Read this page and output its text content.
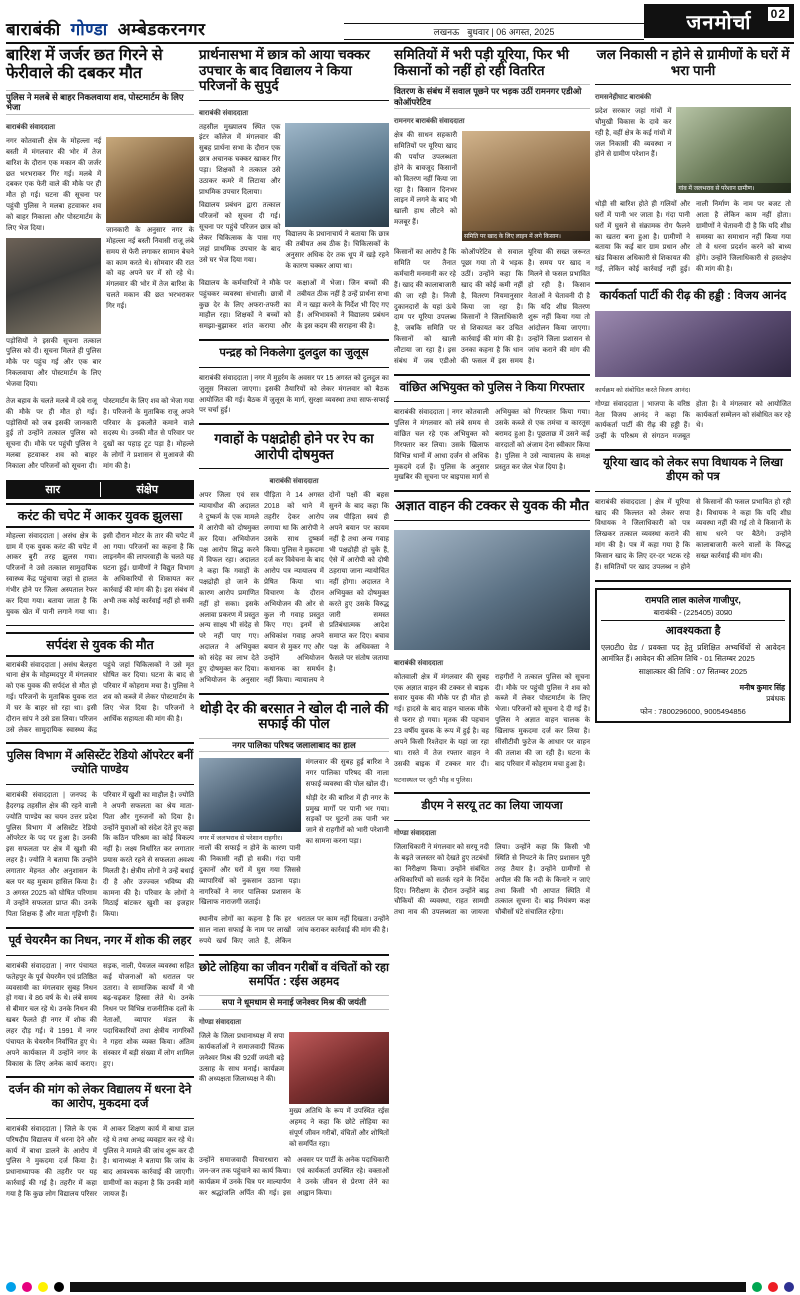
बाराबंकी गोण्डा अम्बेडकरनगर	लखनऊ बुधवार | 06 अगस्त, 2025	जनमोर्चा	02
बारिश में जर्जर छत गिरने से फेरीवाले की दबकर मौत
पुलिस ने मलबे से बाहर निकलवाया शव, पोस्टमार्टम के लिए भेजा
बाराबंकी संवाददाता
नगर कोतवाली क्षेत्र के मोहल्ला नई बस्ती में मंगलवार की भोर में तेज बारिश के दौरान एक मकान की जर्जर छत भरभराकर गिर गई। मलबे में दबकर एक फेरी वाले की मौके पर ही मौत हो गई। घटना की सूचना पर पहुंची पुलिस ने मलबा हटवाकर शव को बाहर निकाला और पोस्टमार्टम के लिए भेज दिया।
पड़ोसियों ने इसकी सूचना तत्काल पुलिस को दी। सूचना मिलते ही पुलिस मौके पर पहुंच गई और एक बार निकलवाया और पोस्टमार्टम के लिए भेजवा दिया।
जानकारी के अनुसार नगर के मोहल्ला नई बस्ती निवासी राजू लंबे समय से फेरी लगाकर सामान बेचने का काम करते थे। सोमवार की रात को वह अपने घर में सो रहे थे। मंगलवार की भोर में तेज बारिश के चलते मकान की छत भरभराकर गिर गई।
तेज बहाव के चलते मलबे में दबे राजू की मौके पर ही मौत हो गई। पड़ोसियों को जब इसकी जानकारी हुई तो उन्होंने तत्काल पुलिस को सूचना दी। मौके पर पहुंची पुलिस ने मलबा हटवाकर शव को बाहर निकाला और परिजनों को सूचना दी। पोस्टमार्टम के लिए शव को भेजा गया है। परिजनों के मुताबिक राजू अपने परिवार के इकलौते कमाने वाले सदस्य थे। उनकी मौत से परिवार पर दुखों का पहाड़ टूट पड़ा है। मोहल्ले के लोगों ने प्रशासन से मुआवजे की मांग की है।
सार	संक्षेप
करंट की चपेट में आकर युवक झुलसा
मोहल्ला संवाददाता | असंध क्षेत्र के ग्राम में एक युवक करंट की चपेट में आकर बुरी तरह झुलस गया। परिजनों ने उसे तत्काल सामुदायिक स्वास्थ्य केंद्र पहुंचाया जहां से हालत गंभीर होने पर जिला अस्पताल रेफर कर दिया गया। बताया जाता है कि युवक खेत में पानी लगाने गया था। इसी दौरान मोटर के तार की चपेट में आ गया। परिजनों का कहना है कि लाइनमैन की लापरवाही के चलते यह घटना हुई। ग्रामीणों ने विद्युत विभाग के अधिकारियों से शिकायत कर कार्रवाई की मांग की है। इस संबंध में अभी तक कोई कार्रवाई नहीं हो सकी है।
सर्पदंश से युवक की मौत
बाराबंकी संवाददाता | असंध बेलहरा थाना क्षेत्र के मोहम्मदपुर में मंगलवार को एक युवक की सर्पदंश से मौत हो गई। परिजनों के मुताबिक युवक रात में घर के बाहर सो रहा था। इसी दौरान सांप ने उसे डस लिया। परिजन उसे लेकर सामुदायिक स्वास्थ्य केंद्र पहुंचे जहां चिकित्सकों ने उसे मृत घोषित कर दिया। घटना के बाद से परिवार में कोहराम मचा है। पुलिस ने शव को कब्जे में लेकर पोस्टमार्टम के लिए भेज दिया है। परिजनों ने आर्थिक सहायता की मांग की है।
पुलिस विभाग में असिस्टेंट रेडियो ऑपरेटर बनीं ज्योति पाण्डेय
बाराबंकी संवाददाता | जनपद के हैदरगढ़ तहसील क्षेत्र की रहने वाली ज्योति पाण्डेय का चयन उत्तर प्रदेश पुलिस विभाग में असिस्टेंट रेडियो ऑपरेटर के पद पर हुआ है। उनकी इस सफलता पर क्षेत्र में खुशी की लहर है। ज्योति ने बताया कि उन्होंने लगातार मेहनत और अनुशासन के बल पर यह मुकाम हासिल किया है। 3 अगस्त 2025 को घोषित परिणाम में उन्होंने सफलता प्राप्त की। उनके पिता शिक्षक हैं और माता गृहिणी हैं। परिवार में खुशी का माहौल है। ज्योति ने अपनी सफलता का श्रेय माता-पिता और गुरुजनों को दिया है। उन्होंने युवाओं को संदेश देते हुए कहा कि कठिन परिश्रम का कोई विकल्प नहीं है। लक्ष्य निर्धारित कर लगातार प्रयास करते रहने से सफलता अवश्य मिलती है। क्षेत्रीय लोगों ने उन्हें बधाई दी है और उज्ज्वल भविष्य की कामना की है। परिवार के लोगों ने मिठाई बांटकर खुशी का इजहार किया।
पूर्व चेयरमैन का निधन, नगर में शोक की लहर
बाराबंकी संवाददाता | नगर पंचायत फतेहपुर के पूर्व चेयरमैन एवं प्रतिष्ठित व्यवसायी का मंगलवार सुबह निधन हो गया। वे 86 वर्ष के थे। लंबे समय से बीमार चल रहे थे। उनके निधन की खबर फैलते ही नगर में शोक की लहर दौड़ गई। वे 1991 में नगर पंचायत के चेयरमैन निर्वाचित हुए थे। अपने कार्यकाल में उन्होंने नगर के विकास के लिए अनेक कार्य कराए। सड़क, नाली, पेयजल व्यवस्था सहित कई योजनाओं को धरातल पर उतारा। वे सामाजिक कार्यों में भी बढ़-चढ़कर हिस्सा लेते थे। उनके निधन पर विभिन्न राजनीतिक दलों के नेताओं, व्यापार मंडल के पदाधिकारियों तथा क्षेत्रीय नागरिकों ने गहरा शोक व्यक्त किया। अंतिम संस्कार में बड़ी संख्या में लोग शामिल हुए।
दर्जन की मांग को लेकर विद्यालय में धरना देने का आरोप, मुकदमा दर्ज
बाराबंकी संवाददाता | जिले के एक परिषदीय विद्यालय में धरना देने और कार्य में बाधा डालने के आरोप में पुलिस ने मुकदमा दर्ज किया है। प्रधानाध्यापक की तहरीर पर यह कार्रवाई की गई है। तहरीर में कहा गया है कि कुछ लोग विद्यालय परिसर में आकर शिक्षण कार्य में बाधा डाल रहे थे तथा अभद्र व्यवहार कर रहे थे। पुलिस ने मामले की जांच शुरू कर दी है। थानाध्यक्ष ने बताया कि जांच के बाद आवश्यक कार्रवाई की जाएगी। ग्रामीणों का कहना है कि उनकी मांगें जायज हैं।
प्रार्थनासभा में छात्र को आया चक्कर उपचार के बाद विद्यालय ने किया परिजनों के सुपुर्द
बाराबंकी संवाददाता
तहसील मुख्यालय स्थित एक इंटर कॉलेज में मंगलवार की सुबह प्रार्थना सभा के दौरान एक छात्र अचानक चक्कर खाकर गिर पड़ा। शिक्षकों ने तत्काल उसे उठाकर कमरे में लिटाया और प्राथमिक उपचार दिलाया।
विद्यालय प्रबंधन द्वारा तत्काल परिजनों को सूचना दी गई। सूचना पर पहुंचे परिजन छात्र को लेकर चिकित्सक के पास गए जहां प्राथमिक उपचार के बाद उसे घर भेज दिया गया।
विद्यालय के प्रधानाचार्य ने बताया कि छात्र की तबीयत अब ठीक है। चिकित्सकों के अनुसार अधिक देर तक धूप में खड़े रहने के कारण चक्कर आया था।
विद्यालय के कर्मचारियों ने मौके पर पहुंचकर व्यवस्था संभाली। छात्रों में कुछ देर के लिए अफरा-तफरी का माहौल रहा। शिक्षकों ने बच्चों को समझा-बुझाकर शांत कराया और कक्षाओं में भेजा। जिन बच्चों की तबीयत ठीक नहीं है उन्हें प्रार्थना सभा में न खड़ा करने के निर्देश भी दिए गए हैं। अभिभावकों ने विद्यालय प्रबंधन के इस कदम की सराहना की है।
पन्द्रह को निकलेगा दुलदुल का जुलूस
बाराबंकी संवाददाता | नगर में मुहर्रम के अवसर पर 15 अगस्त को दुलदुल का जुलूस निकाला जाएगा। इसकी तैयारियों को लेकर मंगलवार को बैठक आयोजित की गई। बैठक में जुलूस के मार्ग, सुरक्षा व्यवस्था तथा साफ-सफाई पर चर्चा हुई।
गवाहों के पक्षद्रोही होने पर रेप का आरोपी दोषमुक्त
बाराबंकी संवाददाता
अपर जिला एवं सत्र न्यायाधीश की अदालत ने दुष्कर्म के एक मामले में आरोपी को दोषमुक्त कर दिया। अभियोजन पक्ष आरोप सिद्ध करने में विफल रहा। अदालत ने कहा कि गवाहों के पक्षद्रोही हो जाने के कारण आरोप प्रमाणित नहीं हो सका। इसके अलावा प्रकरण में प्रस्तुत अन्य साक्ष्य भी संदेह से परे नहीं पाए गए। अदालत ने अभियुक्त को संदेह का लाभ देते हुए दोषमुक्त कर दिया। अभियोजन के अनुसार पीड़िता ने 14 अगस्त 2018 को थाने में तहरीर देकर आरोप लगाया था कि आरोपी ने उसके साथ दुष्कर्म किया। पुलिस ने मुकदमा दर्ज कर विवेचना के बाद आरोप पत्र न्यायालय में प्रेषित किया था। विचारण के दौरान अभियोजन की ओर से कुल नौ गवाह प्रस्तुत किए गए। इनमें से अधिकांश गवाह अपने बयान से मुकर गए और उन्होंने अभियोजन कथानक का समर्थन नहीं किया। न्यायालय ने दोनों पक्षों की बहस सुनने के बाद कहा कि जब पीड़िता स्वयं ही अपने बयान पर कायम नहीं है तथा अन्य गवाह भी पक्षद्रोही हो चुके हैं, ऐसे में आरोपी को दोषी ठहराया जाना न्यायोचित नहीं होगा। अदालत ने अभियुक्त को दोषमुक्त करते हुए उसके विरुद्ध जारी समस्त प्रतिबंधात्मक आदेश समाप्त कर दिए। बचाव पक्ष के अधिवक्ता ने फैसले पर संतोष जताया है।
थोड़ी देर की बरसात ने खोल दी नाले की सफाई की पोल
नगर पालिका परिषद जलालाबाद का हाल
नगर में जलभराव से परेशान राहगीर।
नालों की सफाई न होने के कारण पानी की निकासी नहीं हो सकी। गंदा पानी दुकानों और घरों में घुस गया जिससे व्यापारियों को नुकसान उठाना पड़ा। नागरिकों ने नगर पालिका प्रशासन के खिलाफ नाराजगी जताई।
मंगलवार की सुबह हुई बारिश ने नगर पालिका परिषद की नाला सफाई व्यवस्था की पोल खोल दी।
थोड़ी देर की बारिश में ही नगर के प्रमुख मार्गों पर पानी भर गया। सड़कों पर घुटनों तक पानी भर जाने से राहगीरों को भारी परेशानी का सामना करना पड़ा।
स्थानीय लोगों का कहना है कि हर साल नाला सफाई के नाम पर लाखों रुपये खर्च किए जाते हैं, लेकिन धरातल पर काम नहीं दिखता। उन्होंने जांच कराकर कार्रवाई की मांग की है।
छोटे लोहिया का जीवन गरीबों व वंचितों को रहा समर्पित : रईस अहमद
सपा ने धूमधाम से मनाई जनेश्वर मिश्र की जयंती
गोण्डा संवाददाता
जिले के जिला प्रधानाध्यक्ष में सपा कार्यकर्ताओं ने समाजवादी चिंतक जनेश्वर मिश्र की 92वीं जयंती बड़े उत्साह के साथ मनाई। कार्यक्रम की अध्यक्षता जिलाध्यक्ष ने की।
मुख्य अतिथि के रूप में उपस्थित रईस अहमद ने कहा कि छोटे लोहिया का संपूर्ण जीवन गरीबों, वंचितों और शोषितों को समर्पित रहा।
उन्होंने समाजवादी विचारधारा को जन-जन तक पहुंचाने का कार्य किया। कार्यक्रम में उनके चित्र पर माल्यार्पण कर श्रद्धांजलि अर्पित की गई। इस अवसर पर पार्टी के अनेक पदाधिकारी एवं कार्यकर्ता उपस्थित रहे। वक्ताओं ने उनके जीवन से प्रेरणा लेने का आह्वान किया।
समितियों में भरी पड़ी यूरिया, फिर भी किसानों को नहीं हो रही वितरित
वितरण के संबंध में सवाल पूछने पर भड़क उठीं रामनगर एडीओ कोऑपरेटिव
रामनगर बाराबंकी संवाददाता
क्षेत्र की साधन सहकारी समितियों पर यूरिया खाद की पर्याप्त उपलब्धता होने के बावजूद किसानों को वितरण नहीं किया जा रहा है। किसान दिनभर लाइन में लगने के बाद भी खाली हाथ लौटने को मजबूर हैं।
समिति पर खाद के लिए लाइन में लगे किसान।
किसानों का आरोप है कि समिति पर तैनात कर्मचारी मनमानी कर रहे हैं। खाद की कालाबाजारी की जा रही है। निजी दुकानदारों के यहां ऊंचे दाम पर यूरिया उपलब्ध है, जबकि समिति पर किसानों को खाली लौटाया जा रहा है। इस संबंध में जब एडीओ कोऑपरेटिव से सवाल पूछा गया तो वे भड़क उठीं। उन्होंने कहा कि खाद की कोई कमी नहीं है, वितरण नियमानुसार किया जा रहा है। किसानों ने जिलाधिकारी से शिकायत कर उचित कार्रवाई की मांग की है। उनका कहना है कि धान की फसल में इस समय यूरिया की सख्त जरूरत है। समय पर खाद न मिलने से फसल प्रभावित हो रही है। किसान नेताओं ने चेतावनी दी है कि यदि शीघ्र वितरण शुरू नहीं किया गया तो आंदोलन किया जाएगा। उन्होंने जिला प्रशासन से जांच कराने की मांग की है।
वांछित अभियुक्त को पुलिस ने किया गिरफ्तार
बाराबंकी संवाददाता | नगर कोतवाली पुलिस ने मंगलवार को लंबे समय से वांछित चल रहे एक अभियुक्त को गिरफ्तार कर लिया। उसके खिलाफ विभिन्न थानों में आधा दर्जन से अधिक मुकदमे दर्ज हैं। पुलिस के अनुसार मुखबिर की सूचना पर बाइपास मार्ग से अभियुक्त को गिरफ्तार किया गया। उसके कब्जे से एक तमंचा व कारतूस बरामद हुआ है। पूछताछ में उसने कई वारदातों को अंजाम देना स्वीकार किया है। पुलिस ने उसे न्यायालय के समक्ष प्रस्तुत कर जेल भेज दिया है।
अज्ञात वाहन की टक्कर से युवक की मौत
बाराबंकी संवाददाता
कोतवाली क्षेत्र में मंगलवार की सुबह एक अज्ञात वाहन की टक्कर से बाइक सवार युवक की मौके पर ही मौत हो गई। हादसे के बाद वाहन चालक मौके से फरार हो गया। मृतक की पहचान 23 वर्षीय युवक के रूप में हुई है। वह अपने किसी रिश्तेदार के यहां जा रहा था। रास्ते में तेज रफ्तार वाहन ने उसकी बाइक में टक्कर मार दी। राहगीरों ने तत्काल पुलिस को सूचना दी। मौके पर पहुंची पुलिस ने शव को कब्जे में लेकर पोस्टमार्टम के लिए भेजा। परिजनों को सूचना दे दी गई है। पुलिस ने अज्ञात वाहन चालक के खिलाफ मुकदमा दर्ज कर लिया है। सीसीटीवी फुटेज के आधार पर वाहन की तलाश की जा रही है। घटना के बाद परिवार में कोहराम मचा हुआ है।
घटनास्थल पर जुटी भीड़ व पुलिस।
डीएम ने सरयू तट का लिया जायजा
गोण्डा संवाददाता
जिलाधिकारी ने मंगलवार को सरयू नदी के बढ़ते जलस्तर को देखते हुए तटबंधों का निरीक्षण किया। उन्होंने संबंधित अधिकारियों को सतर्क रहने के निर्देश दिए। निरीक्षण के दौरान उन्होंने बाढ़ चौकियों की व्यवस्था, राहत सामग्री तथा नाव की उपलब्धता का जायजा लिया। उन्होंने कहा कि किसी भी स्थिति से निपटने के लिए प्रशासन पूरी तरह तैयार है। उन्होंने ग्रामीणों से अपील की कि नदी के किनारे न जाएं तथा किसी भी आपात स्थिति में तत्काल सूचना दें। बाढ़ नियंत्रण कक्ष चौबीसों घंटे संचालित रहेगा।
जल निकासी न होने से ग्रामीणों के घरों में भरा पानी
रामसनेहीघाट बाराबंकी
प्रदेश सरकार जहां गांवों में चौमुखी विकास के दावे कर रही है, वहीं क्षेत्र के कई गांवों में जल निकासी की व्यवस्था न होने से ग्रामीण परेशान हैं।
गांव में जलभराव से परेशान ग्रामीण।
थोड़ी सी बारिश होते ही गलियों और घरों में पानी भर जाता है। गंदा पानी घरों में घुसने से संक्रामक रोग फैलने का खतरा बना हुआ है। ग्रामीणों ने बताया कि कई बार ग्राम प्रधान और खंड विकास अधिकारी से शिकायत की गई, लेकिन कोई कार्रवाई नहीं हुई। नाली निर्माण के नाम पर बजट तो आता है लेकिन काम नहीं होता। ग्रामीणों ने चेतावनी दी है कि यदि शीघ्र समस्या का समाधान नहीं किया गया तो वे धरना प्रदर्शन करने को बाध्य होंगे। उन्होंने जिलाधिकारी से हस्तक्षेप की मांग की है।
कार्यकर्ता पार्टी की रीढ़ की हड्डी : विजय आनंद
कार्यक्रम को संबोधित करते विजय आनंद।
गोण्डा संवाददाता | भाजपा के वरिष्ठ नेता विजय आनंद ने कहा कि कार्यकर्ता पार्टी की रीढ़ की हड्डी हैं। उन्हीं के परिश्रम से संगठन मजबूत होता है। वे मंगलवार को आयोजित कार्यकर्ता सम्मेलन को संबोधित कर रहे थे।
यूरिया खाद को लेकर सपा विधायक ने लिखा डीएम को पत्र
बाराबंकी संवाददाता | क्षेत्र में यूरिया खाद की किल्लत को लेकर सपा विधायक ने जिलाधिकारी को पत्र लिखकर तत्काल व्यवस्था कराने की मांग की है। पत्र में कहा गया है कि किसान खाद के लिए दर-दर भटक रहे हैं। समितियों पर खाद उपलब्ध न होने से किसानों की फसल प्रभावित हो रही है। विधायक ने कहा कि यदि शीघ्र व्यवस्था नहीं की गई तो वे किसानों के साथ धरने पर बैठेंगे। उन्होंने कालाबाजारी करने वालों के विरुद्ध सख्त कार्रवाई की मांग की।
रामपति लाल कालेज गाजीपुर,
बाराबंकी - (225405) उ0प्र0
आवश्यकता है
एल0टी0 ग्रेड / प्रवक्ता पद हेतु प्रशिक्षित अभ्यर्थियों से आवेदन आमंत्रित हैं। आवेदन की अंतिम तिथि - 01 सितम्बर 2025
साक्षात्कार की तिथि : 07 सितम्बर 2025
मनीष कुमार सिंह
प्रबंधक
फोन : 7800296000, 9005494856
